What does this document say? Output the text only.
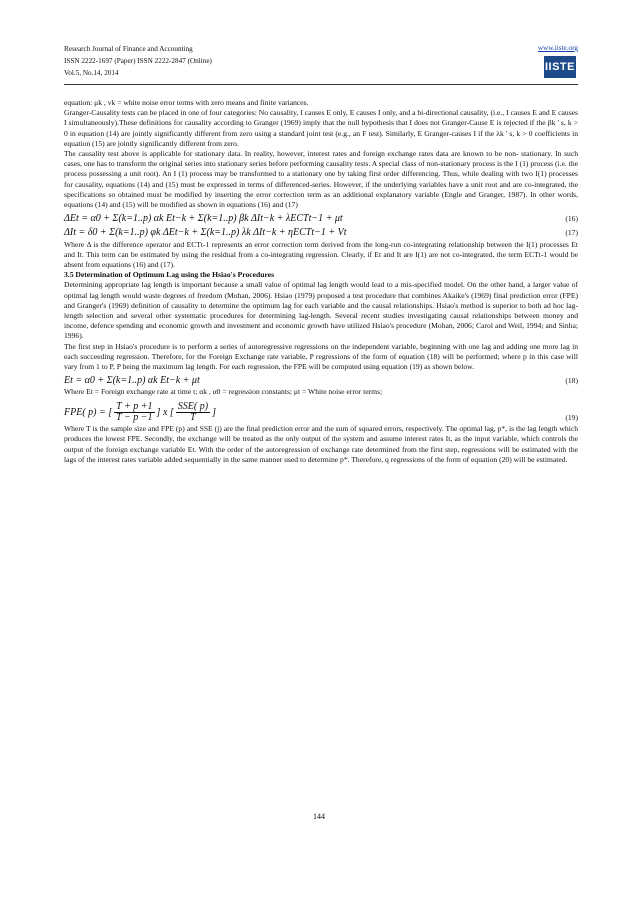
Research Journal of Finance and Accounting
ISSN 2222-1697 (Paper) ISSN 2222-2847 (Online)
Vol.5, No.14, 2014
www.iiste.org
IISTE

equation: μk , vk = white noise error terms with zero means and finite variances.

Granger-Causality tests can be placed in one of four categories: No causality, I causes E only, E causes I only, and a bi-directional causality, (i.e., I causes E and E causes I simultaneously).These definitions for causality according to Granger (1969) imply that the null hypothesis that I does not Granger-Cause E is rejected if the βk ' s, k > 0 in equation (14) are jointly significantly different from zero using a standard joint test (e.g., an F test). Similarly, E Granger-causes I if the λk ' s, k > 0 coefficients in equation (15) are jointly significantly different from zero.

The causality test above is applicable for stationary data. In reality, however, interest rates and foreign exchange rates data are known to be non- stationary. In such cases, one has to transform the original series into stationary series before performing causality tests. A special class of non-stationary process is the I (1) process (i.e. the process possessing a unit root). An I (1) process may be transformed to a stationary one by taking first order differencing. Thus, while dealing with two I(1) processes for causality, equations (14) and (15) must be expressed in terms of differenced-series. However, if the underlying variables have a unit root and are co-integrated, the specifications so obtained must be modified by inserting the error correction term as an additional explanatory variable (Engle and Granger, 1987). In other words, equations (14) and (15) will be modified as shown in equations (16) and (17)

ΔEt = α0 + Σ(k=1..p) αk Et−k + Σ(k=1..p) βk ΔIt−k + λECTt−1 + μt	(16)
ΔIt = δ0 + Σ(k=1..p) φk ΔEt−k + Σ(k=1..p) λk ΔIt−k + ηECTt−1 + Vt	(17)

Where Δ is the difference operator and ECTt-1 represents an error correction term derived from the long-run co-integrating relationship between the I(1) processes Et and It. This term can be estimated by using the residual from a co-integrating regression. Clearly, if Et and It are I(1) are not co-integrated, the term ECTt-1 would be absent from equations (16) and (17).

3.5 Determination of Optimum Lag using the Hsiao's Procedures

Determining appropriate lag length is important because a small value of optimal lag length would lead to a mis-specified model. On the other hand, a larger value of optimal lag length would waste degrees of freedom (Mohan, 2006). Hsiao (1979) proposed a test procedure that combines Akaike's (1969) final prediction error (FPE) and Granger's (1969) definition of causality to determine the optimum lag for each variable and the causal relationships. Hsiao's method is superior to both ad hoc lag-length selection and several other systematic procedures for determining lag-length. Several recent studies investigating causal relationships between money and income, defence spending and economic growth and investment and economic growth have utilized Hsiao's procedure (Mohan, 2006; Carol and Weil, 1994; and Sinha; 1996).

The first step in Hsiao's procedure is to perform a series of autoregressive regressions on the independent variable, beginning with one lag and adding one more lag in each succeeding regression. Therefore, for the Foreign Exchange rate variable, P regressions of the form of equation (18) will be performed; where p in this case will vary from 1 to P, P being the maximum lag length. For each regression, the FPE will be computed using equation (19) as shown below.

Et = α0 + Σ(k=1..p) αk Et−k + μt	(18)

Where Et = Foreign exchange rate at time t; αk , α0 = regression constants; μt = White noise error terms;

FPE( p) = [ $\frac{T + p +1}{T - p -1}$ ] x [ $\frac{\text{SSE( p)}}{T}$ ]	(19)

Where T is the sample size and FPE (p) and SSE (j) are the final prediction error and the sum of squared errors, respectively. The optimal lag, p*, is the lag length which produces the lowest FPE. Secondly, the exchange will be treated as the only output of the system and assume interest rates It, as the input variable, which controls the output of the foreign exchange variable Et. With the order of the autoregression of exchange rate determined from the first step, regressions will be estimated with the lags of the interest rates variable added sequentially in the same manner used to determine p*. Therefore, q regressions of the form of equation (20) will be estimated.

144
